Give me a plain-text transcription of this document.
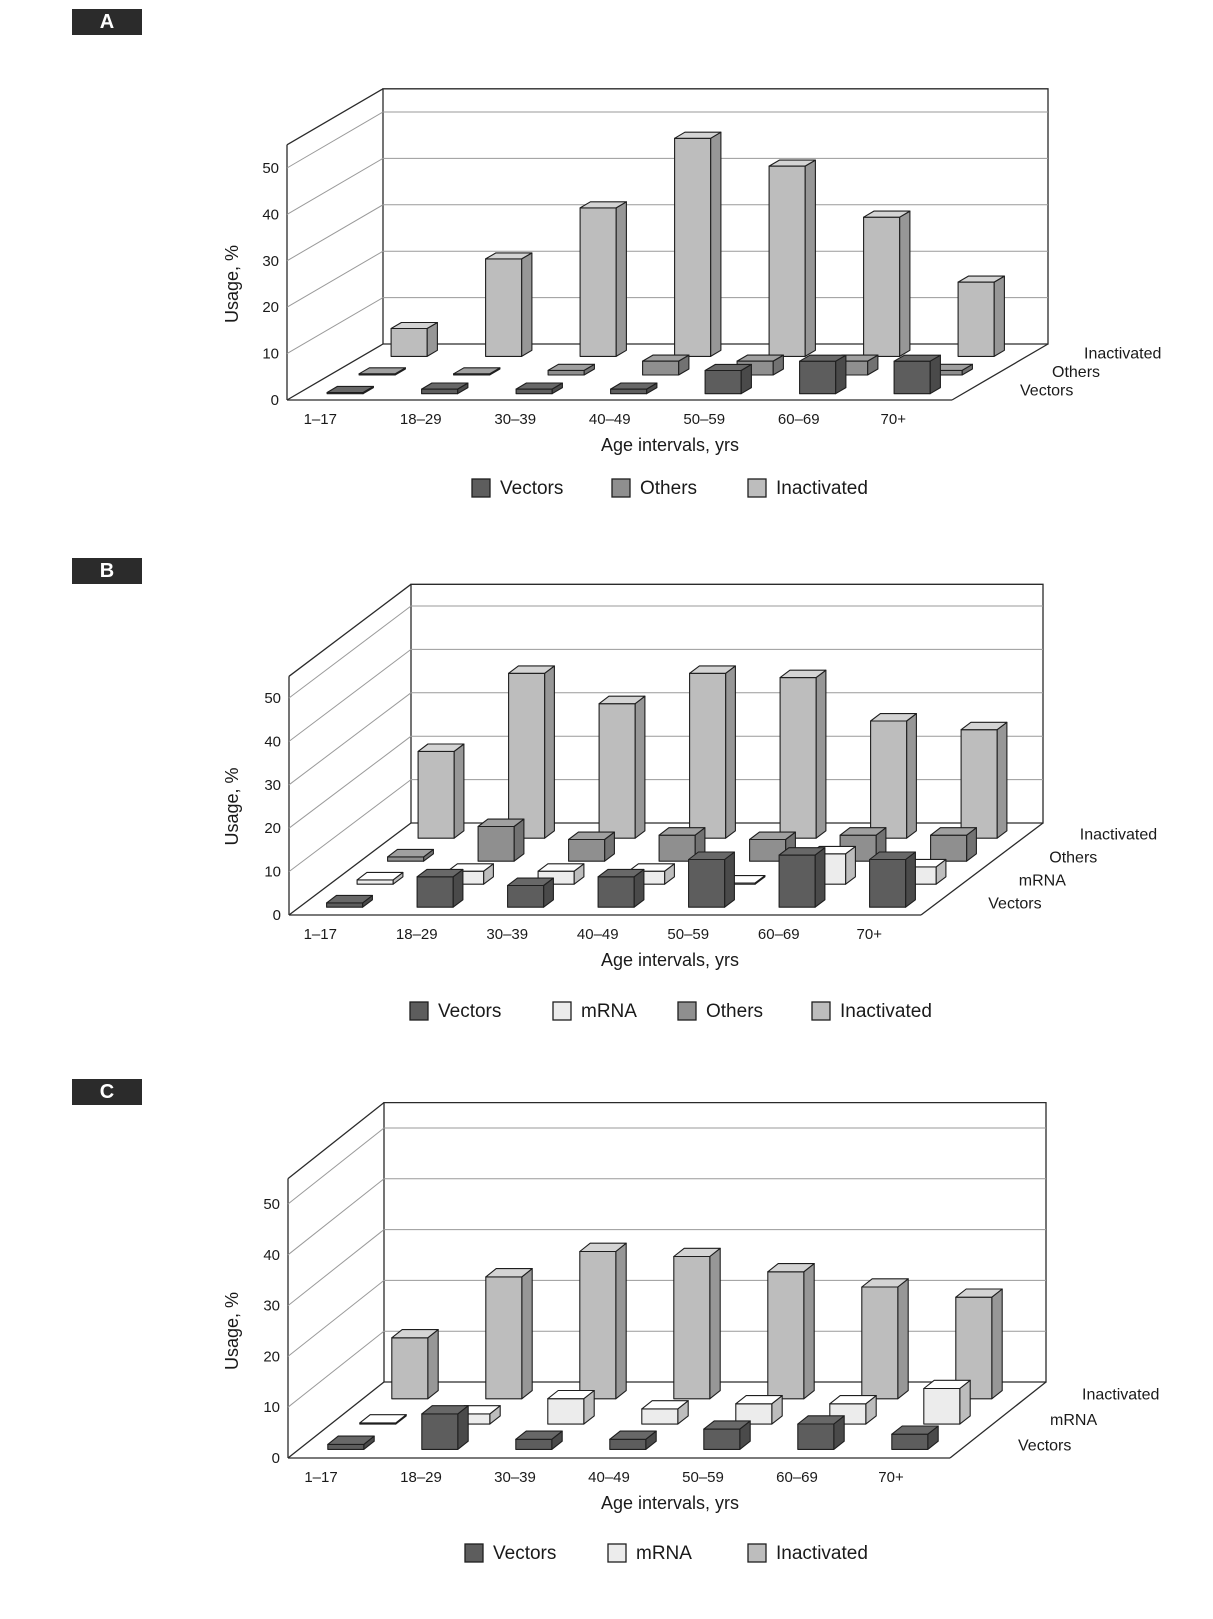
A
0
10
20
30
40
50
Usage, %
1–17	18–29	30–39	40–49	50–59	60–69	70+
Age intervals, yrs
Vectors
Others
Inactivated
Vectors	Others	Inactivated
B
0
10
20
30
40
50
Usage, %
1–17	18–29	30–39	40–49	50–59	60–69	70+
Age intervals, yrs
Vectors
mRNA
Others
Inactivated
Vectors	mRNA	Others	Inactivated
C
0
10
20
30
40
50
Usage, %
1–17	18–29	30–39	40–49	50–59	60–69	70+
Age intervals, yrs
Vectors
mRNA
Inactivated
Vectors	mRNA	Inactivated
